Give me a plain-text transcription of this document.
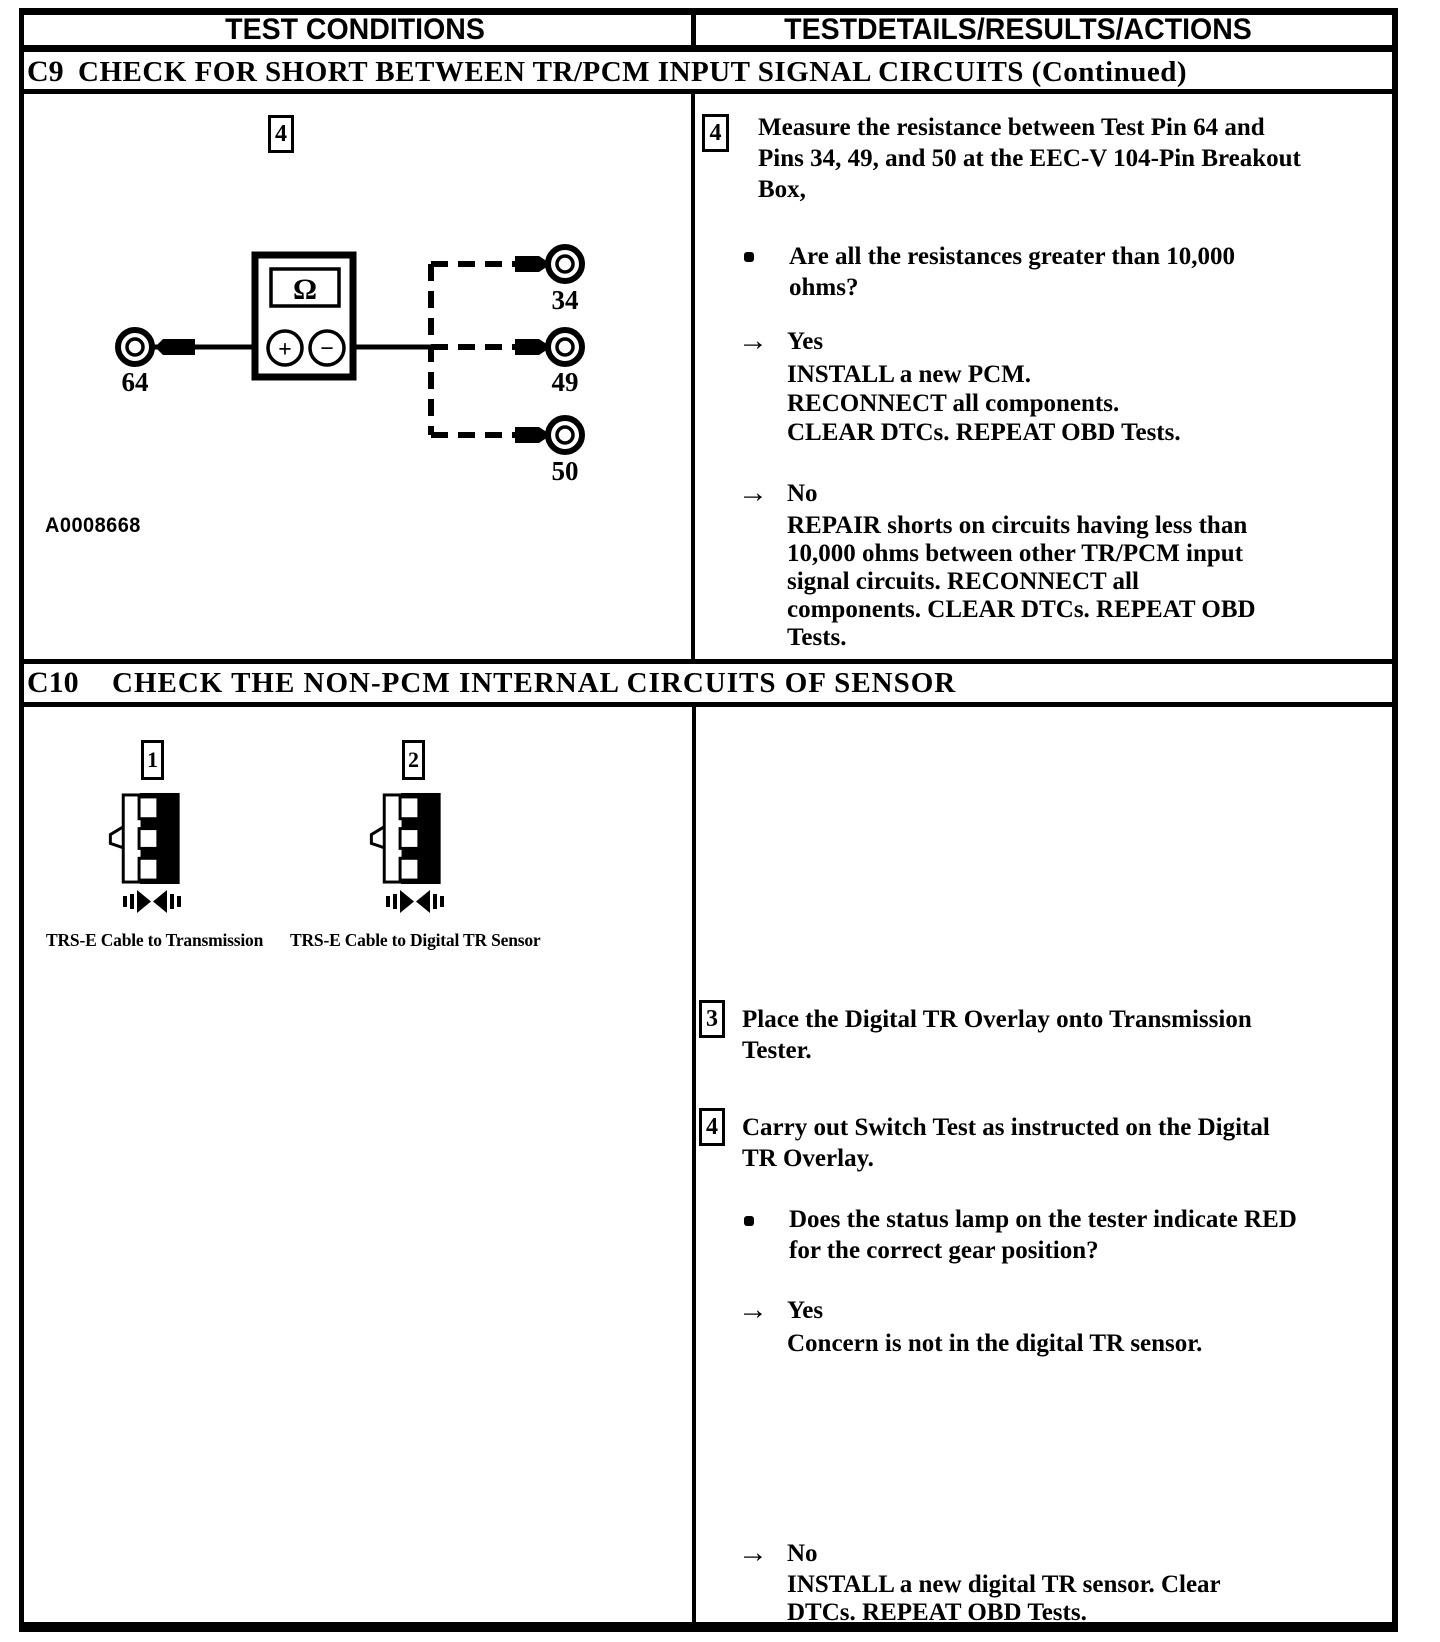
TEST CONDITIONS	TESTDETAILS/RESULTS/ACTIONS
C9 CHECK FOR SHORT BETWEEN TR/PCM INPUT SIGNAL CIRCUITS (Continued)
4
64
Ω
+ −
34
49
50
A0008668
4 Measure the resistance between Test Pin 64 and
Pins 34, 49, and 50 at the EEC-V 104-Pin Breakout
Box,
Are all the resistances greater than 10,000
ohms?
→ Yes
INSTALL a new PCM.
RECONNECT all components.
CLEAR DTCs. REPEAT OBD Tests.
→ No
REPAIR shorts on circuits having less than
10,000 ohms between other TR/PCM input
signal circuits. RECONNECT all
components. CLEAR DTCs. REPEAT OBD
Tests.
C10 CHECK THE NON-PCM INTERNAL CIRCUITS OF SENSOR
1	2
TRS-E Cable to Transmission TRS-E Cable to Digital TR Sensor
3 Place the Digital TR Overlay onto Transmission
Tester.
4 Carry out Switch Test as instructed on the Digital
TR Overlay.
Does the status lamp on the tester indicate RED
for the correct gear position?
→ Yes
Concern is not in the digital TR sensor.
→ No
INSTALL a new digital TR sensor. Clear
DTCs. REPEAT OBD Tests.
